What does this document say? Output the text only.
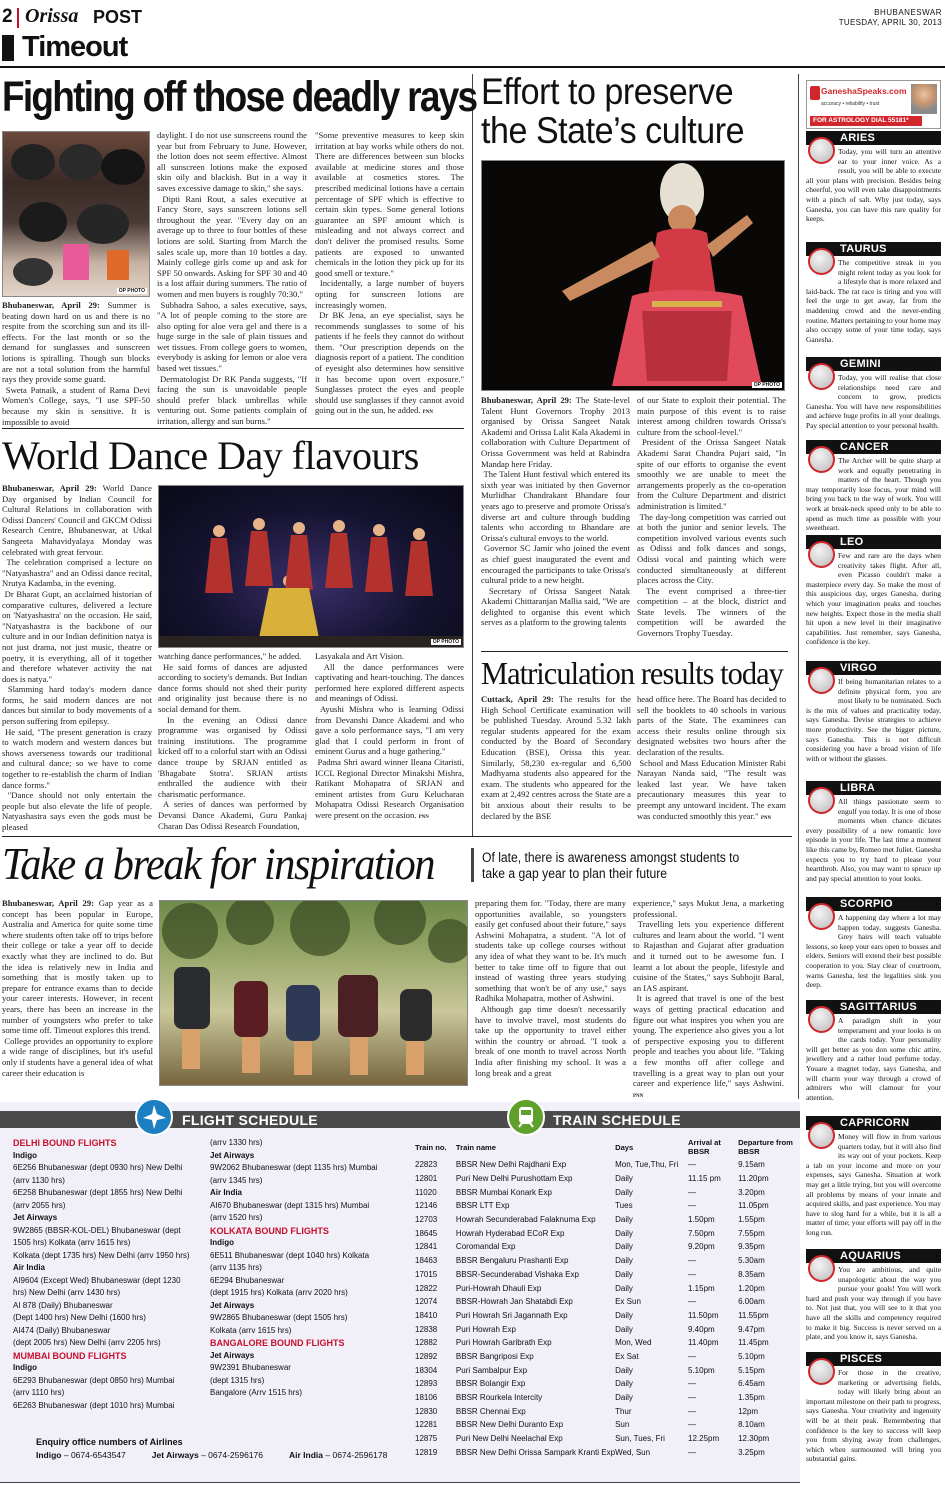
2 Orissa POST
Timeout
BHUBANESWAR
TUESDAY, APRIL 30, 2013
Fighting off those deadly rays
OP PHOTO
Bhubaneswar, April 29: Summer is beating down hard on us and there is no respite from the scorching sun and its ill-effects. For the last month or so the demand for sunglasses and sunscreen lotions is spiralling. Though sun blocks are not a total solution from the harmful rays they provide some guard.
Sweta Patnaik, a student of Rama Devi Women's College, says, "I use SPF-50 because my skin is sensitive. It is impossible to avoid
daylight. I do not use sunscreens round the year but from February to June. However, the lotion does not seem effective. Almost all sunscreen lotions make the exposed skin oily and blackish. But in a way it saves excessive damage to skin," she says.
Dipti Rani Rout, a sales executive at Fancy Store, says sunscreen lotions sell throughout the year. "Every day on an average up to three to four bottles of these lotions are sold. Starting from March the sales scale up, more than 10 bottles a day. Mainly college girls come up and ask for SPF 50 onwards. Asking for SPF 30 and 40 is a lost affair during summers. The ratio of women and men buyers is roughly 70:30."
Subhadra Sahoo, a sales executive, says, "A lot of people coming to the store are also opting for aloe vera gel and there is a huge surge in the sale of plain tissues and wet tissues. From college goers to women, everybody is asking for lemon or aloe vera based wet tissues."
Dermatologist Dr RK Panda suggests, "If facing the sun is unavoidable people should prefer black umbrellas while venturing out. Some patients complain of irritation, allergy and sun burns."
"Some preventive measures to keep skin irritation at bay works while others do not. There are differences between sun blocks available at medicine stores and those available at cosmetics stores. The prescribed medicinal lotions have a certain percentage of SPF which is effective to certain skin types. Some general lotions guarantee an SPF amount which is misleading and not always correct and don't deliver the promised results. Some patients are exposed to unwanted chemicals in the lotion they pick up for its good smell or texture."
Incidentally, a large number of buyers opting for sunscreen lotions are increasingly women.
Dr BK Jena, an eye specialist, says he recommends sunglasses to some of his patients if he feels they cannot do without them. "Our prescription depends on the diagnosis report of a patient. The condition of eyesight also determines how sensitive it has become upon overt exposure." Sunglasses protect the eyes and people should use sunglasses if they cannot avoid going out in the sun, he added. PNN
World Dance Day flavours
Bhubaneswar, April 29: World Dance Day organised by Indian Council for Cultural Relations in collaboration with Odissi Dancers' Council and GKCM Odissi Research Centre, Bhubaneswar, at Utkal Sangeeta Mahavidyalaya Monday was celebrated with great fervour.
The celebration comprised a lecture on "Natyashastra" and an Odissi dance recital, Nrutya Kadamba, in the evening.
Dr Bharat Gupt, an acclaimed historian of comparative cultures, delivered a lecture on 'Natyashastra' on the occasion. He said, "Natyashastra is the backbone of our culture and in our Indian definition natya is not just drama, not just music, theatre or poetry, it is everything, all of it together and therefore whatever activity the nat does is natya."
Slamming hard today's modern dance forms, he said modern dances are not dances but similar to body movements of a person suffering from epilepsy.
He said, "The present generation is crazy to watch modern and western dances but shows averseness towards our traditional and cultural dance; so we have to come together to re-establish the charm of Indian dance forms."
"Dance should not only entertain the people but also elevate the life of people. Natyashastra says even the gods must be pleased
OP PHOTO
watching dance performances," he added.
He said forms of dances are adjusted according to society's demands. But Indian dance forms should not shed their purity and originality just because there is no social demand for them.
In the evening an Odissi dance programme was organised by Odissi training institutions. The programme kicked off to a colorful start with an Odissi dance troupe by SRJAN entitled as 'Bhagabate Stotra'. SRJAN artists enthralled the audience with their charismatic performance.
A series of dances was performed by Devansi Dance Akademi, Guru Pankaj Charan Das Odissi Research Foundation,
Lasyakala and Art Vision.
All the dance performances were captivating and heart-touching. The dances performed here explored different aspects and meanings of Odissi.
Ayushi Mishra who is learning Odissi from Devanshi Dance Akademi and who gave a solo performance says, "I am very glad that I could perform in front of eminent Gurus and a huge gathering."
Padma Shri award winner Ileana Citaristi, ICCL Regional Director Minakshi Mishra, Ratikant Mohapatra of SRJAN and eminent artistes from Guru Kelucharan Mohapatra Odissi Research Organisation were present on the occasion. PNN
Effort to preserve the State’s culture
OP PHOTO
Bhubaneswar, April 29: The State-level Talent Hunt Governors Trophy 2013 organised by Orissa Sangeet Natak Akademi and Orissa Lalit Kala Akademi in collaboration with Culture Department of Orissa Government was held at Rabindra Mandap here Friday.
The Talent Hunt festival which entered its sixth year was initiated by then Governor Murlidhar Chandrakant Bhandare four years ago to preserve and promote Orissa's diverse art and culture through budding talents who according to Bhandare are Orissa's cultural envoys to the world.
Governor SC Jamir who joined the event as chief guest inaugurated the event and encouraged the participants to take Orissa's cultural pride to a new height.
Secretary of Orissa Sangeet Natak Akademi Chittaranjan Mallia said, "We are delighted to organise this event which serves as a platform to the growing talents
of our State to exploit their potential. The main purpose of this event is to raise interest among children towards Orissa's culture from the school-level."
President of the Orissa Sangeet Natak Akademi Sarat Chandra Pujari said, "In spite of our efforts to organise the event smoothly we are unable to meet the arrangements properly as the co-operation from the Culture Department and district administration is limited."
The day-long competition was carried out at both the junior and senior levels. The competition involved various events such as Odissi and folk dances and songs, Odissi vocal and painting which were conducted simultaneously at different places across the City.
The event comprised a three-tier competition – at the block, district and State levels. The winners of the competition will be awarded the Governors Trophy Tuesday.
Matriculation results today
Cuttack, April 29: The results for the High School Certificate examination will be published Tuesday. Around 5.32 lakh regular students appeared for the exam conducted by the Board of Secondary Education (BSE), Orissa this year. Similarly, 58,230 ex-regular and 6,500 Madhyama students also appeared for the exam. The students who appeared for the exam at 2,492 centres across the State are a bit anxious about their results to be declared by the BSE
head office here. The Board has decided to sell the booklets to 40 schools in various parts of the State. The examinees can access their results online through six designated websites two hours after the declaration of the results.
School and Mass Education Minister Rabi Narayan Nanda said, "The result was leaked last year. We have taken precautionary measures this year to preempt any untoward incident. The exam was conducted smoothly this year." PNN
Take a break for inspiration	Of late, there is awareness amongst students to take a gap year to plan their future
Bhubaneswar, April 29: Gap year as a concept has been popular in Europe, Australia and America for quite some time where students often take off to trips before their college or take a year off to decide exactly what they are inclined to do. But the idea is relatively new in India and something that is mostly taken up to prepare for entrance exams than to decide your career interests. However, in recent years, there has been an increase in the number of youngsters who prefer to take some time off. Timeout explores this trend.
College provides an opportunity to explore a wide range of disciplines, but it's useful only if students have a general idea of what career their education is
preparing them for. "Today, there are many opportunities available, so youngsters easily get confused about their future," says Ashwini Mohapatra, a student. "A lot of students take up college courses without any idea of what they want to be. It's much better to take time off to figure that out instead of wasting three years studying something that won't be of any use," says Radhika Mohapatra, mother of Ashwini.
Although gap time doesn't necessarily have to involve travel, most students do take up the opportunity to travel either within the country or abroad. "I took a break of one month to travel across North India after finishing my school. It was a long break and a great
experience," says Mukut Jena, a marketing professional.
Travelling lets you experience different cultures and learn about the world. "I went to Rajasthan and Gujarat after graduation and it turned out to be awesome fun. I learnt a lot about the people, lifestyle and cuisine of the States," says Subhojit Baral, an IAS aspirant.
It is agreed that travel is one of the best ways of getting practical education and figure out what inspires you when you are young. The experience also gives you a lot of perspective exposing you to different people and teaches you about life. "Taking a few months off after college and travelling is a great way to plan out your career and experience life," says Ashwini. PNN
GaneshaSpeaks.com
accuracy • reliability • trust
FOR ASTROLOGY DIAL 55181*
ARIES
Today, you will turn an attentive ear to your inner voice. As a result, you will be able to execute all your plans with precision. Besides being cheerful, you will even take disappointments with a pinch of salt. Why just today, says Ganesha, you can have this rare quality for keeps.
TAURUS
The competitive streak in you might relent today as you look for a lifestyle that is more relaxed and laid-back. The rat race is tiring and you will feel the urge to get away, far from the maddening crowd and the never-ending routine. Matters pertaining to your home may also occupy some of your time today, says Ganesha.
GEMINI
Today, you will realise that close relationships need care and concern to grow, predicts Ganesha. You will have new responsibilities and achieve huge profits in all your dealings. Pay special attention to your personal health.
CANCER
The Archer will be quite sharp at work and equally penetrating in matters of the heart. Though you may temporarily lose focus, your mind will bring you back to the way of work. You will work at break-neck speed only to be able to spend as much time as possible with your sweetheart.
LEO
Few and rare are the days when creativity takes flight. After all, even Picasso couldn't make a masterpiece every day. So make the most of this auspicious day, urges Ganesha, during which your imagination peaks and touches new heights. Expect those in the media shall hit upon a new level in their imaginative capabilities. Just remember, says Ganesha, confidence is the key.
VIRGO
If being humanitarian relates to a definite physical form, you are most likely to be nominated. Such is the mix of values and practicality today, says Ganesha. Devise strategies to achieve more productivity. See the bigger picture, says Ganesha. This is not difficult considering you have a broad vision of life with or without the glasses.
LIBRA
All things passionate seem to engulf you today. It is one of those moments when chance dictates every possibility of a new romantic love episode in your life. The last time a moment like this came by, Romeo met Juliet. Ganesha expects you to try hard to please your heartthrob. Also, you may want to spruce up and pay special attention to your looks.
SCORPIO
A happening day where a lot may happen today, suggests Ganesha. Grey hairs will teach valuable lessons, so keep your ears open to bosses and elders. Seniors will extend their best possible cooperation to you. Stay clear of courtroom, warns Ganesha, lest the legalities sink you deep.
SAGITTARIUS
A paradigm shift in your temperament and your looks is on the cards today. Your personality will get better as you don some chic attire, jewellery and a rather loud perfume today. Youare a magnet today, says Ganesha, and will charm your way through a crowd of admirers who will clamour for your attention.
CAPRICORN
Money will flow in from various quarters today, but it will also find its way out of your pockets. Keep a tab on your income and more on your expenses, says Ganesha. Situation at work may get a little trying, but you will overcome all problems by means of your innate and acquired skills, and past experience. You may have to slog hard for a while, but it is all a matter of time; your efforts will pay off in the long run.
AQUARIUS
You are ambitious, and quite unapologetic about the way you pursue your goals! You will work hard and push your way through if you have to. Not just that, you will see to it that you have all the skills and competency required to make it big. Success is never served on a plate, and you know it, says Ganesha.
PISCES
For those in the creative, marketing or advertising fields, today will likely bring about an important milestone on their path to progress, says Ganesha. Your creativity and ingenuity will be at their peak. Remembering that confidence is the key to success will keep you from shying away from challenges, which when surmounted will bring you substantial gains.
FLIGHT SCHEDULE	TRAIN SCHEDULE
DELHI BOUND FLIGHTS
Indigo
6E256 Bhubaneswar (dept 0930 hrs) New Delhi
(arrv 1130 hrs)
6E258 Bhubaneswar (dept 1855 hrs) New Delhi
(arrv 2055 hrs)
Jet Airways
9W2865 (BBSR-KOL-DEL) Bhubaneswar (dept
1505 hrs) Kolkata (arrv 1615 hrs)
Kolkata (dept 1735 hrs) New Delhi (arrv 1950 hrs)
Air India
AI9604 (Except Wed) Bhubaneswar (dept 1230
hrs) New Delhi (arrv 1430 hrs)
AI 878 (Daily) Bhubaneswar
(Dept 1400 hrs) New Delhi (1600 hrs)
AI474 (Daily) Bhubaneswar
(dept 2005 hrs) New Delhi (arrv 2205 hrs)
MUMBAI BOUND FLIGHTS
Indigo
6E293 Bhubaneswar (dept 0850 hrs) Mumbai
(arrv 1110 hrs)
6E263 Bhubaneswar (dept 1010 hrs) Mumbai
(arrv 1330 hrs)
Jet Airways
9W2062 Bhubaneswar (dept 1135 hrs) Mumbai
(arrv 1345 hrs)
Air India
AI670 Bhubaneswar (dept 1315 hrs) Mumbai
(arrv 1520 hrs)
KOLKATA BOUND FLIGHTS
Indigo
6E511 Bhubaneswar (dept 1040 hrs) Kolkata
(arrv 1135 hrs)
6E294 Bhubaneswar
(dept 1915 hrs) Kolkata (arrv 2020 hrs)
Jet Airways
9W2865 Bhubaneswar (dept 1505 hrs)
Kolkata (arrv 1615 hrs)
BANGALORE BOUND FLIGHTS
Jet Airways
9W2391 Bhubaneswar
(dept 1315 hrs)
Bangalore (Arrv 1515 hrs)
Enquiry office numbers of Airlines
Indigo – 0674-6543547	Jet Airways – 0674-2596176	Air India – 0674-2596178
Train no.	Train name	Days	Arrival at BBSR	Departure from BBSR
22823	BBSR New Delhi Rajdhani Exp	Mon, Tue,Thu, Fri	—	9.15am
12801	Puri New Delhi Purushottam Exp	Daily	11.15 pm	11.20pm
11020	BBSR Mumbai Konark Exp	Daily	—	3.20pm
12146	BBSR LTT Exp	Tues	—	11.05pm
12703	Howrah Secunderabad Falaknuma Exp	Daily	1.50pm	1.55pm
18645	Howrah Hyderabad ECoR Exp	Daily	7.50pm	7.55pm
12841	Coromandal Exp	Daily	9.20pm	9.35pm
18463	BBSR Bengaluru Prashanti Exp	Daily	—	5.30am
17015	BBSR-Secunderabad Vishaka Exp	Daily	—	8.35am
12822	Puri-Howrah Dhauli Exp	Daily	1.15pm	1.20pm
12074	BBSR-Howrah Jan Shatabdi Exp	Ex Sun	—	6.00am
18410	Puri Howrah Sri Jagannath Exp	Daily	11.50pm	11.55pm
12838	Puri Howrah Exp	Daily	9.40pm	9.47pm
12882	Puri Howrah Garibrath Exp	Mon, Wed	11.40pm	11.45pm
12892	BBSR Bangriposi Exp	Ex Sat	—	5.10pm
18304	Puri Sambalpur Exp	Daily	5.10pm	5.15pm
12893	BBSR Bolangir Exp	Daily	—	6.45am
18106	BBSR Rourkela Intercity	Daily	—	1.35pm
12830	BBSR Chennai Exp	Thur	—	12pm
12281	BBSR New Delhi Duranto Exp	Sun	—	8.10am
12875	Puri New Delhi Neelachal Exp	Sun, Tues, Fri	12.25pm	12.30pm
12819	BBSR New Delhi Orissa Sampark Kranti Exp	Wed, Sun	—	3.25pm
